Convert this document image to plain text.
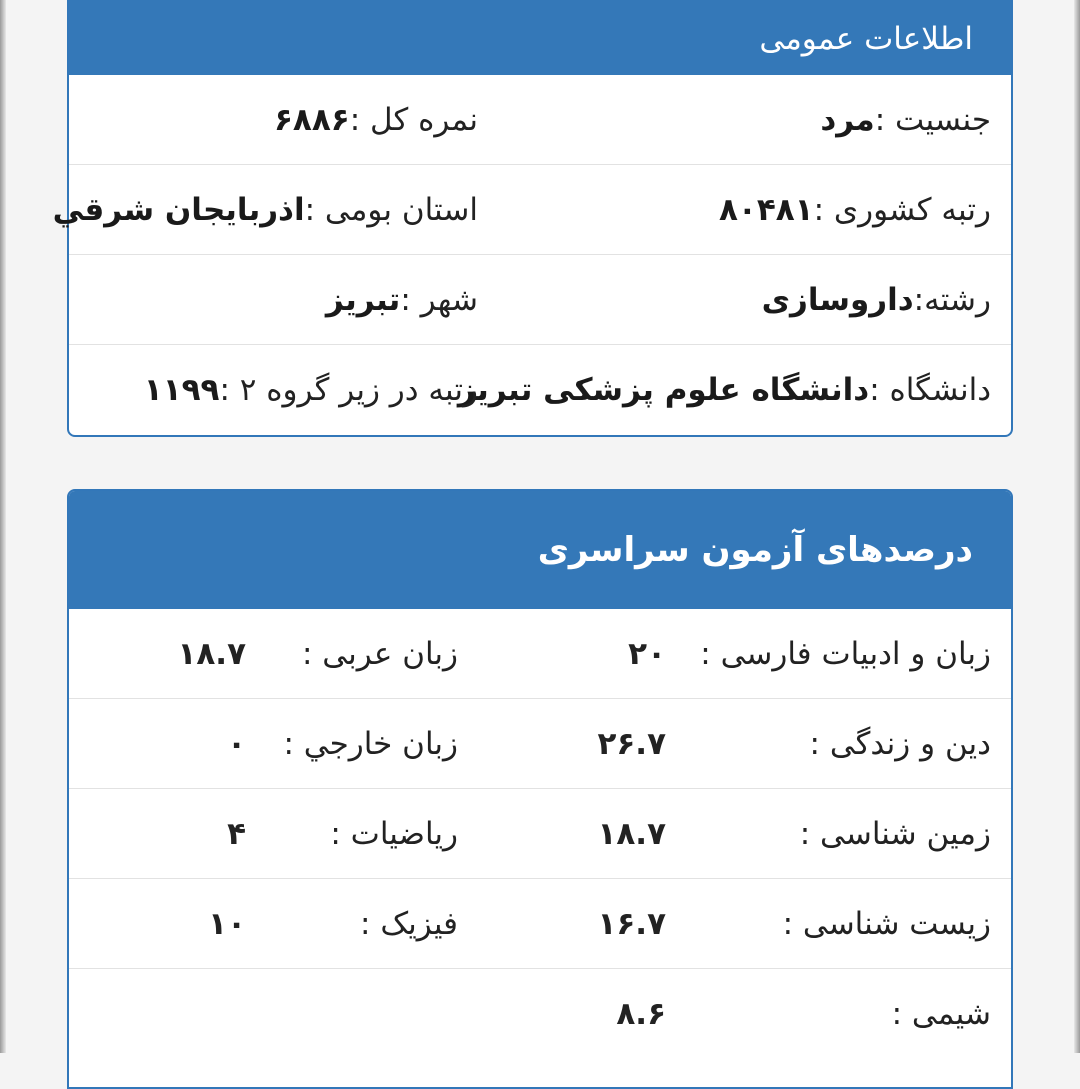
اطلاعات عمومی
جنسیت :
مرد
نمره کل :
۶۸۸۶
رتبه کشوری :
۸۰۴۸۱
استان بومی :
اذربایجان شرقي
رشته:
داروسازی
شهر :
تبریز
دانشگاه :
دانشگاه علوم پزشکی تبریز
رتبه در زیر گروه ۲ :
۱۱۹۹
درصدهای آزمون سراسری
زبان و ادبیات فارسی :
۲۰
زبان عربی :
۱۸.۷
دین و زندگی :
۲۶.۷
زبان خارجي :
۰
زمین شناسی :
۱۸.۷
ریاضیات :
۴
زیست شناسی :
۱۶.۷
فیزیک :
۱۰
شیمی :
۸.۶
